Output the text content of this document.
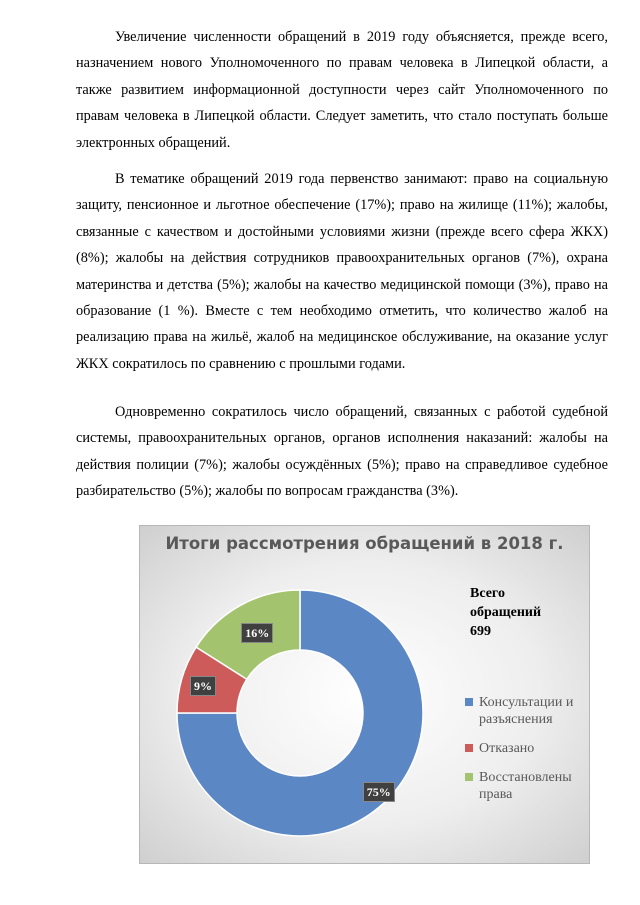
Увеличение численности обращений в 2019 году объясняется, прежде всего, назначением нового Уполномоченного по правам человека в Липецкой области, а также развитием информационной доступности через сайт Уполномоченного по правам человека в Липецкой области. Следует заметить, что стало поступать больше электронных обращений.

В тематике обращений 2019 года первенство занимают: право на социальную защиту, пенсионное и льготное обеспечение (17%); право на жилище (11%); жалобы, связанные с качеством и достойными условиями жизни (прежде всего сфера ЖКХ) (8%); жалобы на действия сотрудников правоохранительных органов (7%), охрана материнства и детства (5%); жалобы на качество медицинской помощи (3%), право на образование (1 %). Вместе с тем необходимо отметить, что количество жалоб на реализацию права на жильё, жалоб на медицинское обслуживание, на оказание услуг ЖКХ сократилось по сравнению с прошлыми годами.

Одновременно сократилось число обращений, связанных с работой судебной системы, правоохранительных органов, органов исполнения наказаний: жалобы на действия полиции (7%); жалобы осуждённых (5%); право на справедливое судебное разбирательство (5%); жалобы по вопросам гражданства (3%).

Итоги рассмотрения обращений в 2018 г.

Всего
обращений
699

Консультации и разъяснения
Отказано
Восстановлены права
75%
9%
16%
